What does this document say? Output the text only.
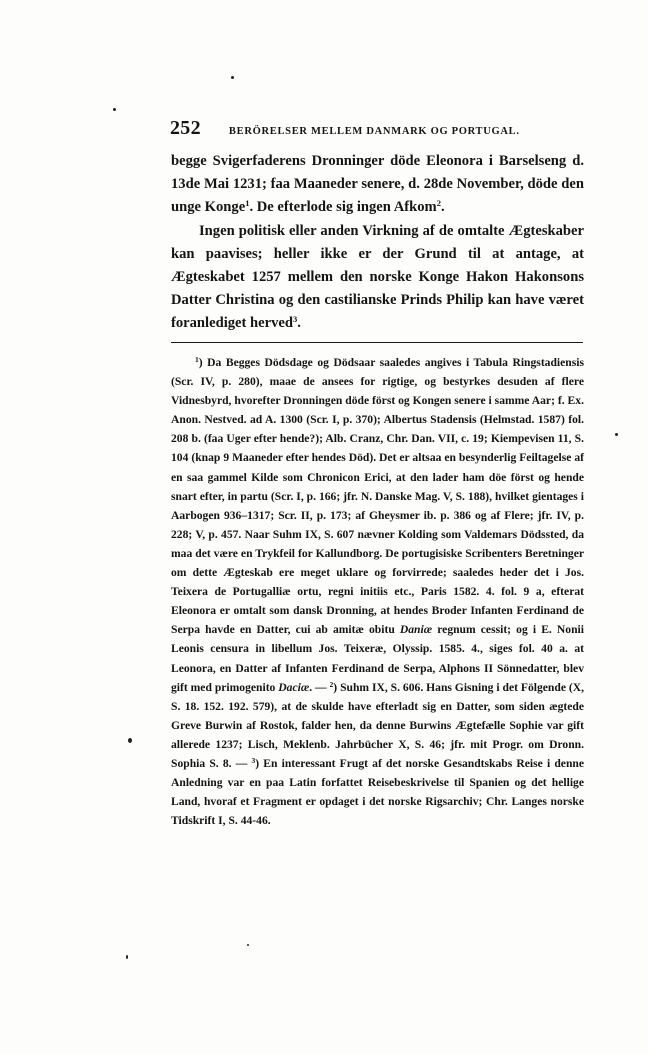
252	BERÖRELSER MELLEM DANMARK OG PORTUGAL.

begge Svigerfaderens Dronninger döde Eleonora i Barselseng d. 13de Mai 1231; faa Maaneder senere, d. 28de November, döde den unge Konge$^1$. De efterlode sig ingen Afkom$^2$.

Ingen politisk eller anden Virkning af de omtalte Ægteskaber kan paavises; heller ikke er der Grund til at antage, at Ægteskabet 1257 mellem den norske Konge Hakon Hakonsons Datter Christina og den castilianske Prinds Philip kan have været foranlediget herved$^3$.

$^1$) Da Begges Dödsdage og Dödsaar saaledes angives i Tabula Ringstadiensis (Scr. IV, p. 280), maae de ansees for rigtige, og bestyrkes desuden af flere Vidnesbyrd, hvorefter Dronningen döde först og Kongen senere i samme Aar; f. Ex. Anon. Nestved. ad A. 1300 (Scr. I, p. 370); Albertus Stadensis (Helmstad. 1587) fol. 208 b. (faa Uger efter hende?); Alb. Cranz, Chr. Dan. VII, c. 19; Kiempevisen 11, S. 104 (knap 9 Maaneder efter hendes Död). Det er altsaa en besynderlig Feiltagelse af en saa gammel Kilde som Chronicon Erici, at den lader ham döe först og hende snart efter, in partu (Scr. I, p. 166; jfr. N. Danske Mag. V, S. 188), hvilket gientages i Aarbogen 936–1317; Scr. II, p. 173; af Gheysmer ib. p. 386 og af Flere; jfr. IV, p. 228; V, p. 457. Naar Suhm IX, S. 607 nævner Kolding som Valdemars Dödssted, da maa det være en Trykfeil for Kallundborg. De portugisiske Scribenters Beretninger om dette Ægteskab ere meget uklare og forvirrede; saaledes heder det i Jos. Teixera de Portugalliæ ortu, regni initiis etc., Paris 1582. 4. fol. 9 a, efterat Eleonora er omtalt som dansk Dronning, at hendes Broder Infanten Ferdinand de Serpa havde en Datter, cui ab amitæ obitu Daniæ regnum cessit; og i E. Nonii Leonis censura in libellum Jos. Teixeræ, Olyssip. 1585. 4., siges fol. 40 a. at Leonora, en Datter af Infanten Ferdinand de Serpa, Alphons II Sönnedatter, blev gift med primogenito Daciæ. — $^2$) Suhm IX, S. 606. Hans Gisning i det Fölgende (X, S. 18. 152. 192. 579), at de skulde have efterladt sig en Datter, som siden ægtede Greve Burwin af Rostok, falder hen, da denne Burwins Ægtefælle Sophie var gift allerede 1237; Lisch, Meklenb. Jahrbücher X, S. 46; jfr. mit Progr. om Dronn. Sophia S. 8. — $^3$) En interessant Frugt af det norske Gesandtskabs Reise i denne Anledning var en paa Latin forfattet Reisebeskrivelse til Spanien og det hellige Land, hvoraf et Fragment er opdaget i det norske Rigsarchiv; Chr. Langes norske Tidskrift I, S. 44-46.
